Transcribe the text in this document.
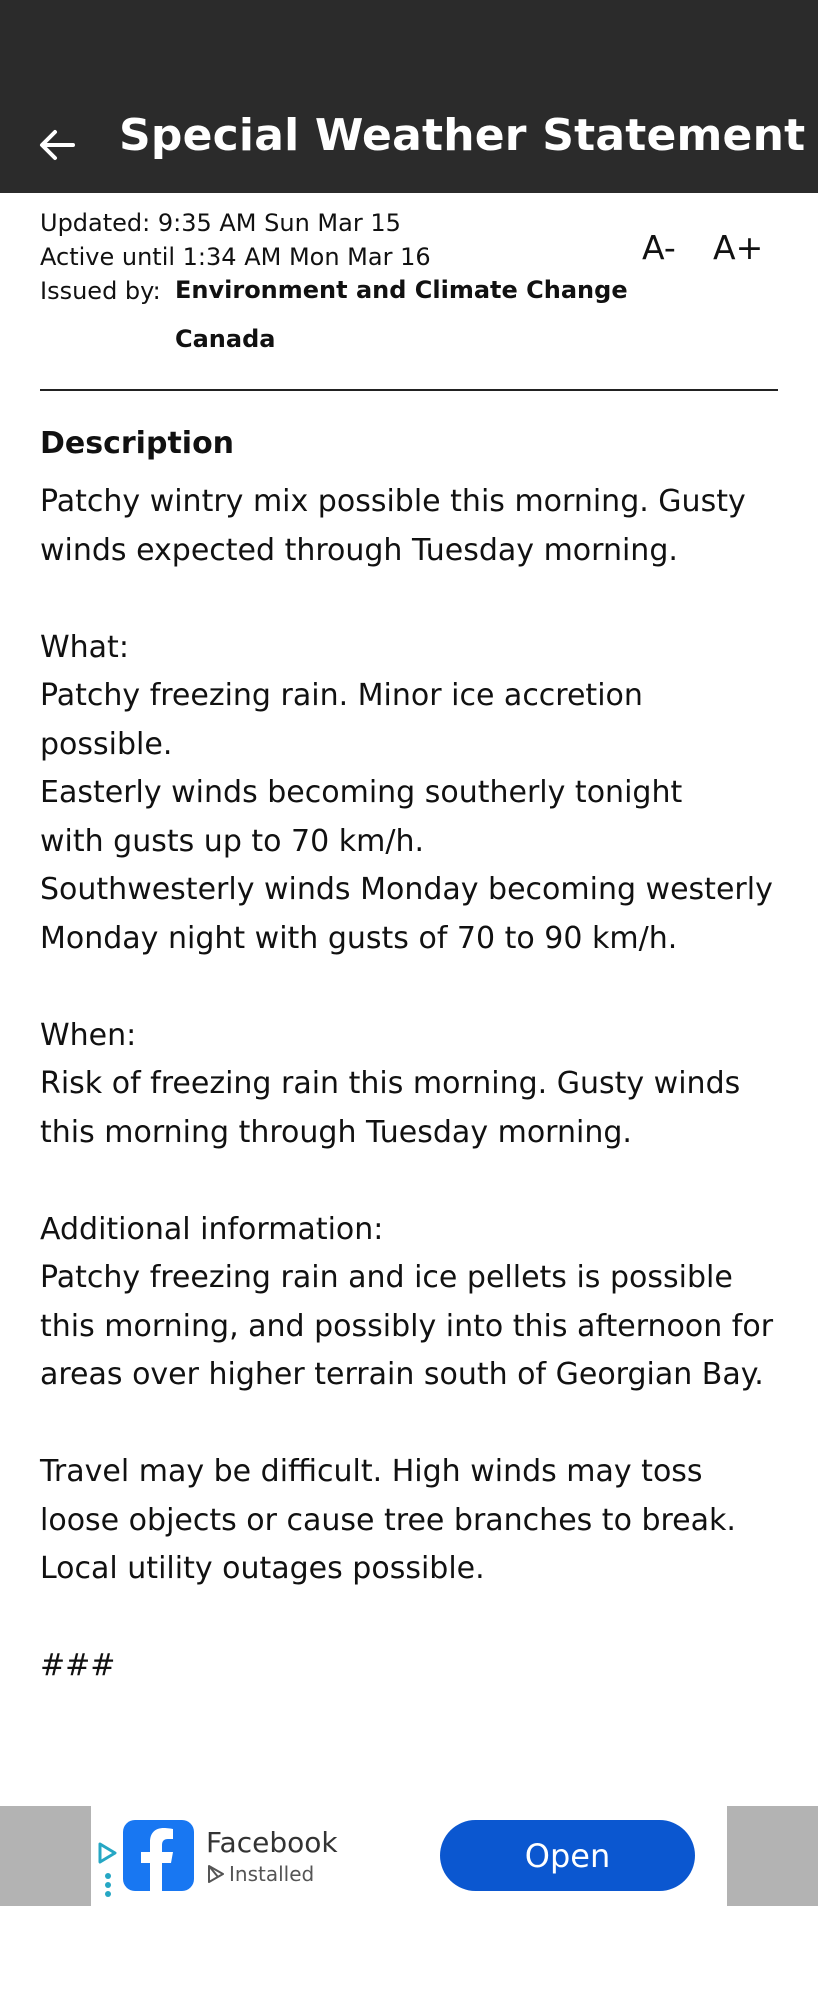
Special Weather Statement
Updated: 9:35 AM Sun Mar 15
Active until 1:34 AM Mon Mar 16
Issued by: Environment and Climate Change Canada
A- A+
Description

Patchy wintry mix possible this morning. Gusty winds expected through Tuesday morning.

What:

Patchy freezing rain. Minor ice accretion possible.

Easterly winds becoming southerly tonight with gusts up to 70 km/h.

Southwesterly winds Monday becoming westerly Monday night with gusts of 70 to 90 km/h.

When:

Risk of freezing rain this morning. Gusty winds this morning through Tuesday morning.

Additional information:

Patchy freezing rain and ice pellets is possible this morning, and possibly into this afternoon for areas over higher terrain south of Georgian Bay.

Travel may be difficult. High winds may toss loose objects or cause tree branches to break. Local utility outages possible.

###

Facebook
Installed	Open
